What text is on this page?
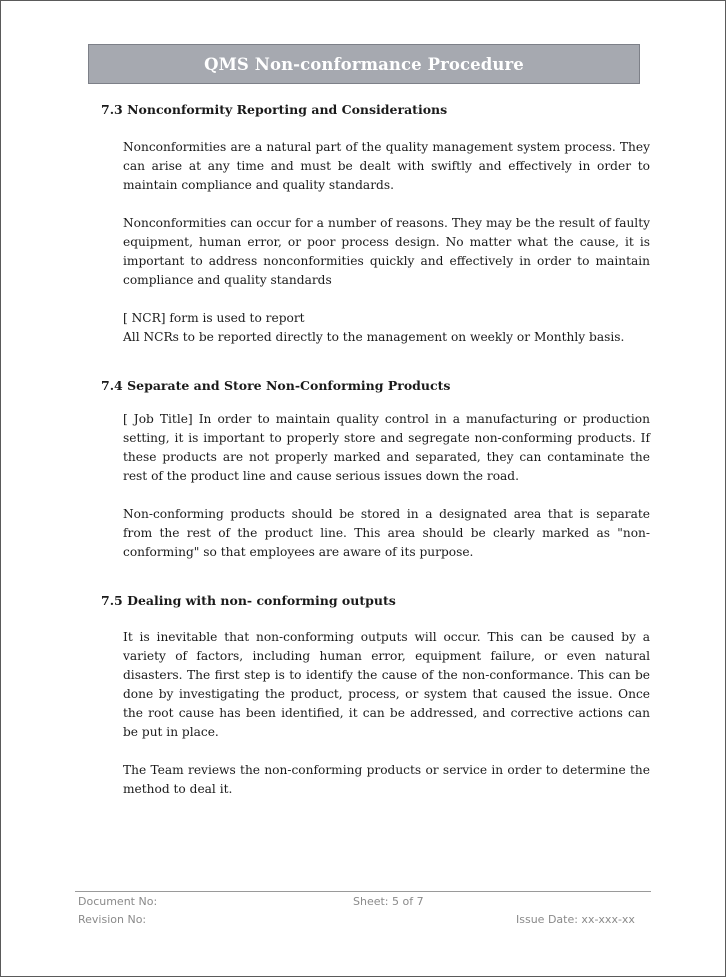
QMS Non-conformance Procedure
7.3 Nonconformity Reporting and Considerations
Nonconformities are a natural part of the quality management system process. They can arise at any time and must be dealt with swiftly and effectively in order to maintain compliance and quality standards.
Nonconformities can occur for a number of reasons. They may be the result of faulty equipment, human error, or poor process design. No matter what the cause, it is important to address nonconformities quickly and effectively in order to maintain compliance and quality standards
[ NCR] form is used to report
All NCRs to be reported directly to the management on weekly or Monthly basis.
7.4 Separate and Store Non-Conforming Products
[ Job Title] In order to maintain quality control in a manufacturing or production setting, it is important to properly store and segregate non-conforming products. If these products are not properly marked and separated, they can contaminate the rest of the product line and cause serious issues down the road.
Non-conforming products should be stored in a designated area that is separate from the rest of the product line. This area should be clearly marked as "non-conforming" so that employees are aware of its purpose.
7.5 Dealing with non- conforming outputs
It is inevitable that non-conforming outputs will occur. This can be caused by a variety of factors, including human error, equipment failure, or even natural disasters. The first step is to identify the cause of the non-conformance. This can be done by investigating the product, process, or system that caused the issue. Once the root cause has been identified, it can be addressed, and corrective actions can be put in place.
The Team reviews the non-conforming products or service in order to determine the method to deal it.
Document No:
Revision No:
Sheet: 5 of 7
Issue Date: xx-xxx-xx
